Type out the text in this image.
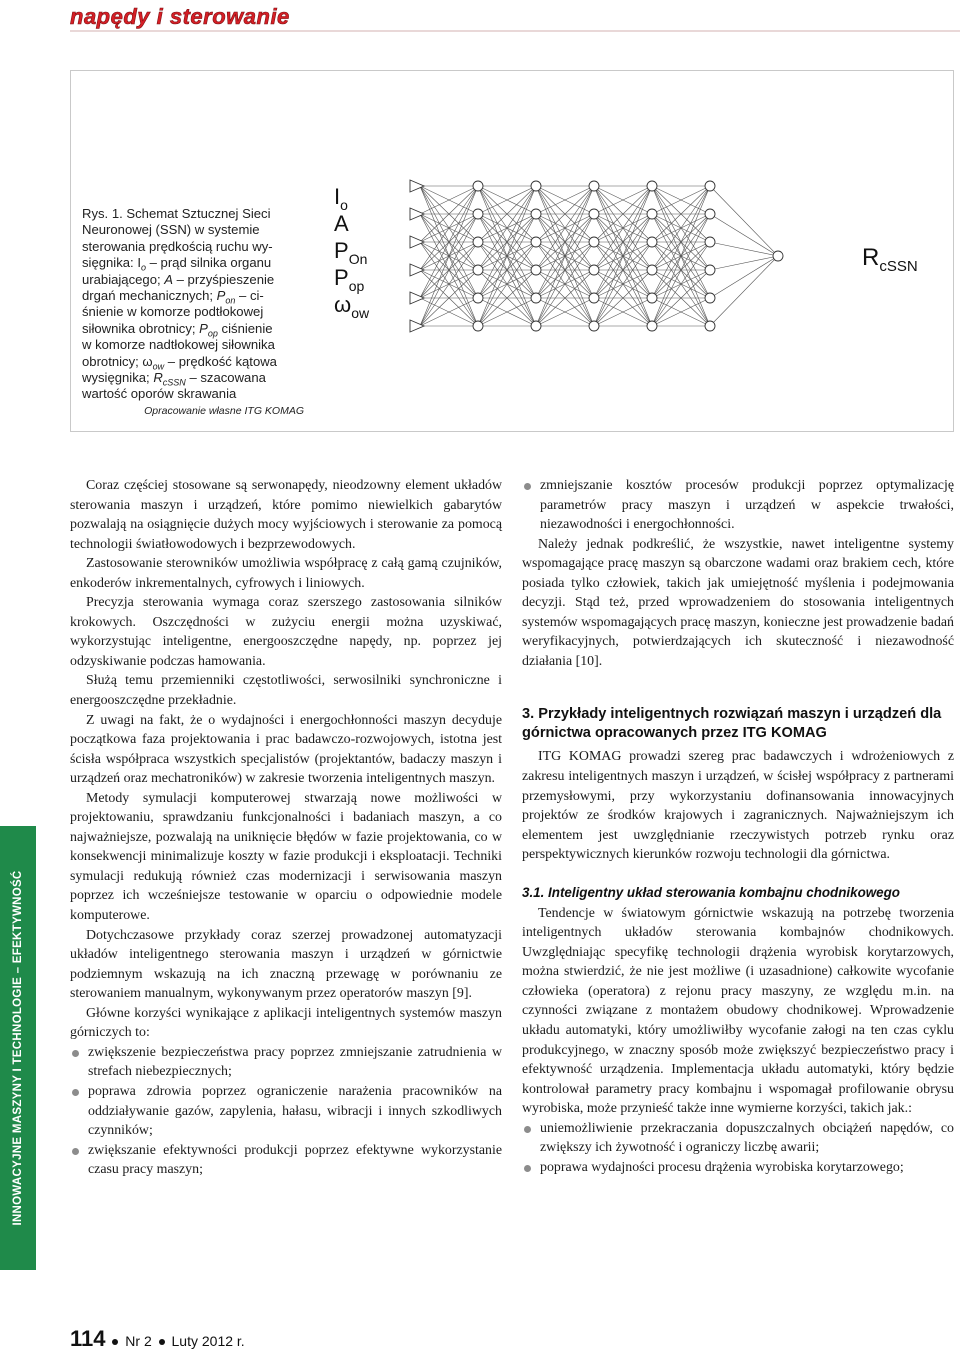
napędy i sterowanie
Rys. 1. Schemat Sztucznej Sieci
Neuronowej (SSN) w systemie
sterowania prędkością ruchu wy-
sięgnika: $I_o$ – prąd silnika organu
urabiającego; A – przyśpieszenie
drgań mechanicznych; $P_{on} - ci-$
śnienie w komorze podtłokowej
siłownika obrotnicy; $P_{op}$ ciśnienie
w komorze nadtłokowej siłownika
obrotnicy; $\omega_{ow}$ – prędkość kątowa
wysięgnika; $R_{cSSN}$ – szacowana
wartość oporów skrawania
Opracowanie własne ITG KOMAG
$I_o$
A
$P_{On}$
$P_{op}$
$\omega_{ow}$
$R_{cSSN}$
INNOWACYJNE MASZYNY I TECHNOLOGIE – EFEKTYWNOŚĆ

Coraz częściej stosowane są serwonapędy, nieodzowny element układów sterowania maszyn i urządzeń, które pomimo niewielkich gabarytów pozwalają na osiągnięcie dużych mocy wyjściowych i sterowanie za pomocą technologii światłowodowych i bezprzewodowych.

Zastosowanie sterowników umożliwia współpracę z całą gamą czujników, enkoderów inkrementalnych, cyfrowych i liniowych.

Precyzja sterowania wymaga coraz szerszego zastosowania silników krokowych. Oszczędności w zużyciu energii można uzyskiwać, wykorzystując inteligentne, energooszczędne napędy, np. poprzez jej odzyskiwanie podczas hamowania.

Służą temu przemienniki częstotliwości, serwosilniki synchroniczne i energooszczędne przekładnie.

Z uwagi na fakt, że o wydajności i energochłonności maszyn decyduje początkowa faza projektowania i prac badawczo-rozwojowych, istotna jest ścisła współpraca wszystkich specjalistów (projektantów, badaczy maszyn i urządzeń oraz mechatroników) w zakresie tworzenia inteligentnych maszyn.

Metody symulacji komputerowej stwarzają nowe możliwości w projektowaniu, sprawdzaniu funkcjonalności i badaniach maszyn, a co najważniejsze, pozwalają na uniknięcie błędów w fazie projektowania, co w konsekwencji minimalizuje koszty w fazie produkcji i eksploatacji. Techniki symulacji redukują również czas modernizacji i serwisowania maszyn poprzez ich wcześniejsze testowanie w oparciu o odpowiednie modele komputerowe.

Dotychczasowe przykłady coraz szerzej prowadzonej automatyzacji układów inteligentnego sterowania maszyn i urządzeń w górnictwie podziemnym wskazują na ich znaczną przewagę w porównaniu ze sterowaniem manualnym, wykonywanym przez operatorów maszyn [9].

Główne korzyści wynikające z aplikacji inteligentnych systemów maszyn górniczych to:

zwiększenie bezpieczeństwa pracy poprzez zmniejszanie zatrudnienia w strefach niebezpiecznych;
poprawa zdrowia poprzez ograniczenie narażenia pracowników na oddziaływanie gazów, zapylenia, hałasu, wibracji i innych szkodliwych czynników;
zwiększanie efektywności produkcji poprzez efektywne wykorzystanie czasu pracy maszyn;
zmniejszanie kosztów procesów produkcji poprzez optymalizację parametrów pracy maszyn i urządzeń w aspekcie trwałości, niezawodności i energochłonności.

Należy jednak podkreślić, że wszystkie, nawet inteligentne systemy wspomagające pracę maszyn są obarczone wadami oraz brakiem cech, które posiada tylko człowiek, takich jak umiejętność myślenia i podejmowania decyzji. Stąd też, przed wprowadzeniem do stosowania inteligentnych systemów wspomagających pracę maszyn, konieczne jest prowadzenie badań weryfikacyjnych, potwierdzających ich skuteczność i niezawodność działania [10].

3. Przykłady inteligentnych rozwiązań maszyn i urządzeń dla górnictwa opracowanych przez ITG KOMAG

ITG KOMAG prowadzi szereg prac badawczych i wdrożeniowych z zakresu inteligentnych maszyn i urządzeń, w ścisłej współpracy z partnerami przemysłowymi, przy wykorzystaniu dofinansowania innowacyjnych projektów ze środków krajowych i zagranicznych. Najważniejszym ich elementem jest uwzględnianie rzeczywistych potrzeb rynku oraz perspektywicznych kierunków rozwoju technologii dla górnictwa.

3.1. Inteligentny układ sterowania kombajnu chodnikowego

Tendencje w światowym górnictwie wskazują na potrzebę tworzenia inteligentnych układów sterowania kombajnów chodnikowych. Uwzględniając specyfikę technologii drążenia wyrobisk korytarzowych, można stwierdzić, że nie jest możliwe (i uzasadnione) całkowite wycofanie człowieka (operatora) z rejonu pracy maszyny, ze względu m.in. na czynności związane z montażem obudowy chodnikowej. Wprowadzenie układu automatyki, który umożliwiłby wycofanie załogi na ten czas cyklu produkcyjnego, w znaczny sposób może zwiększyć bezpieczeństwo pracy i efektywność urządzenia. Implementacja układu automatyki, który będzie kontrolował parametry pracy kombajnu i wspomagał profilowanie obrysu wyrobiska, może przynieść także inne wymierne korzyści, takich jak.:

uniemożliwienie przekraczania dopuszczalnych obciążeń napędów, co zwiększy ich żywotność i ograniczy liczbę awarii;
poprawa wydajności procesu drążenia wyrobiska korytarzowego;
114 Nr 2 Luty 2012 r.
